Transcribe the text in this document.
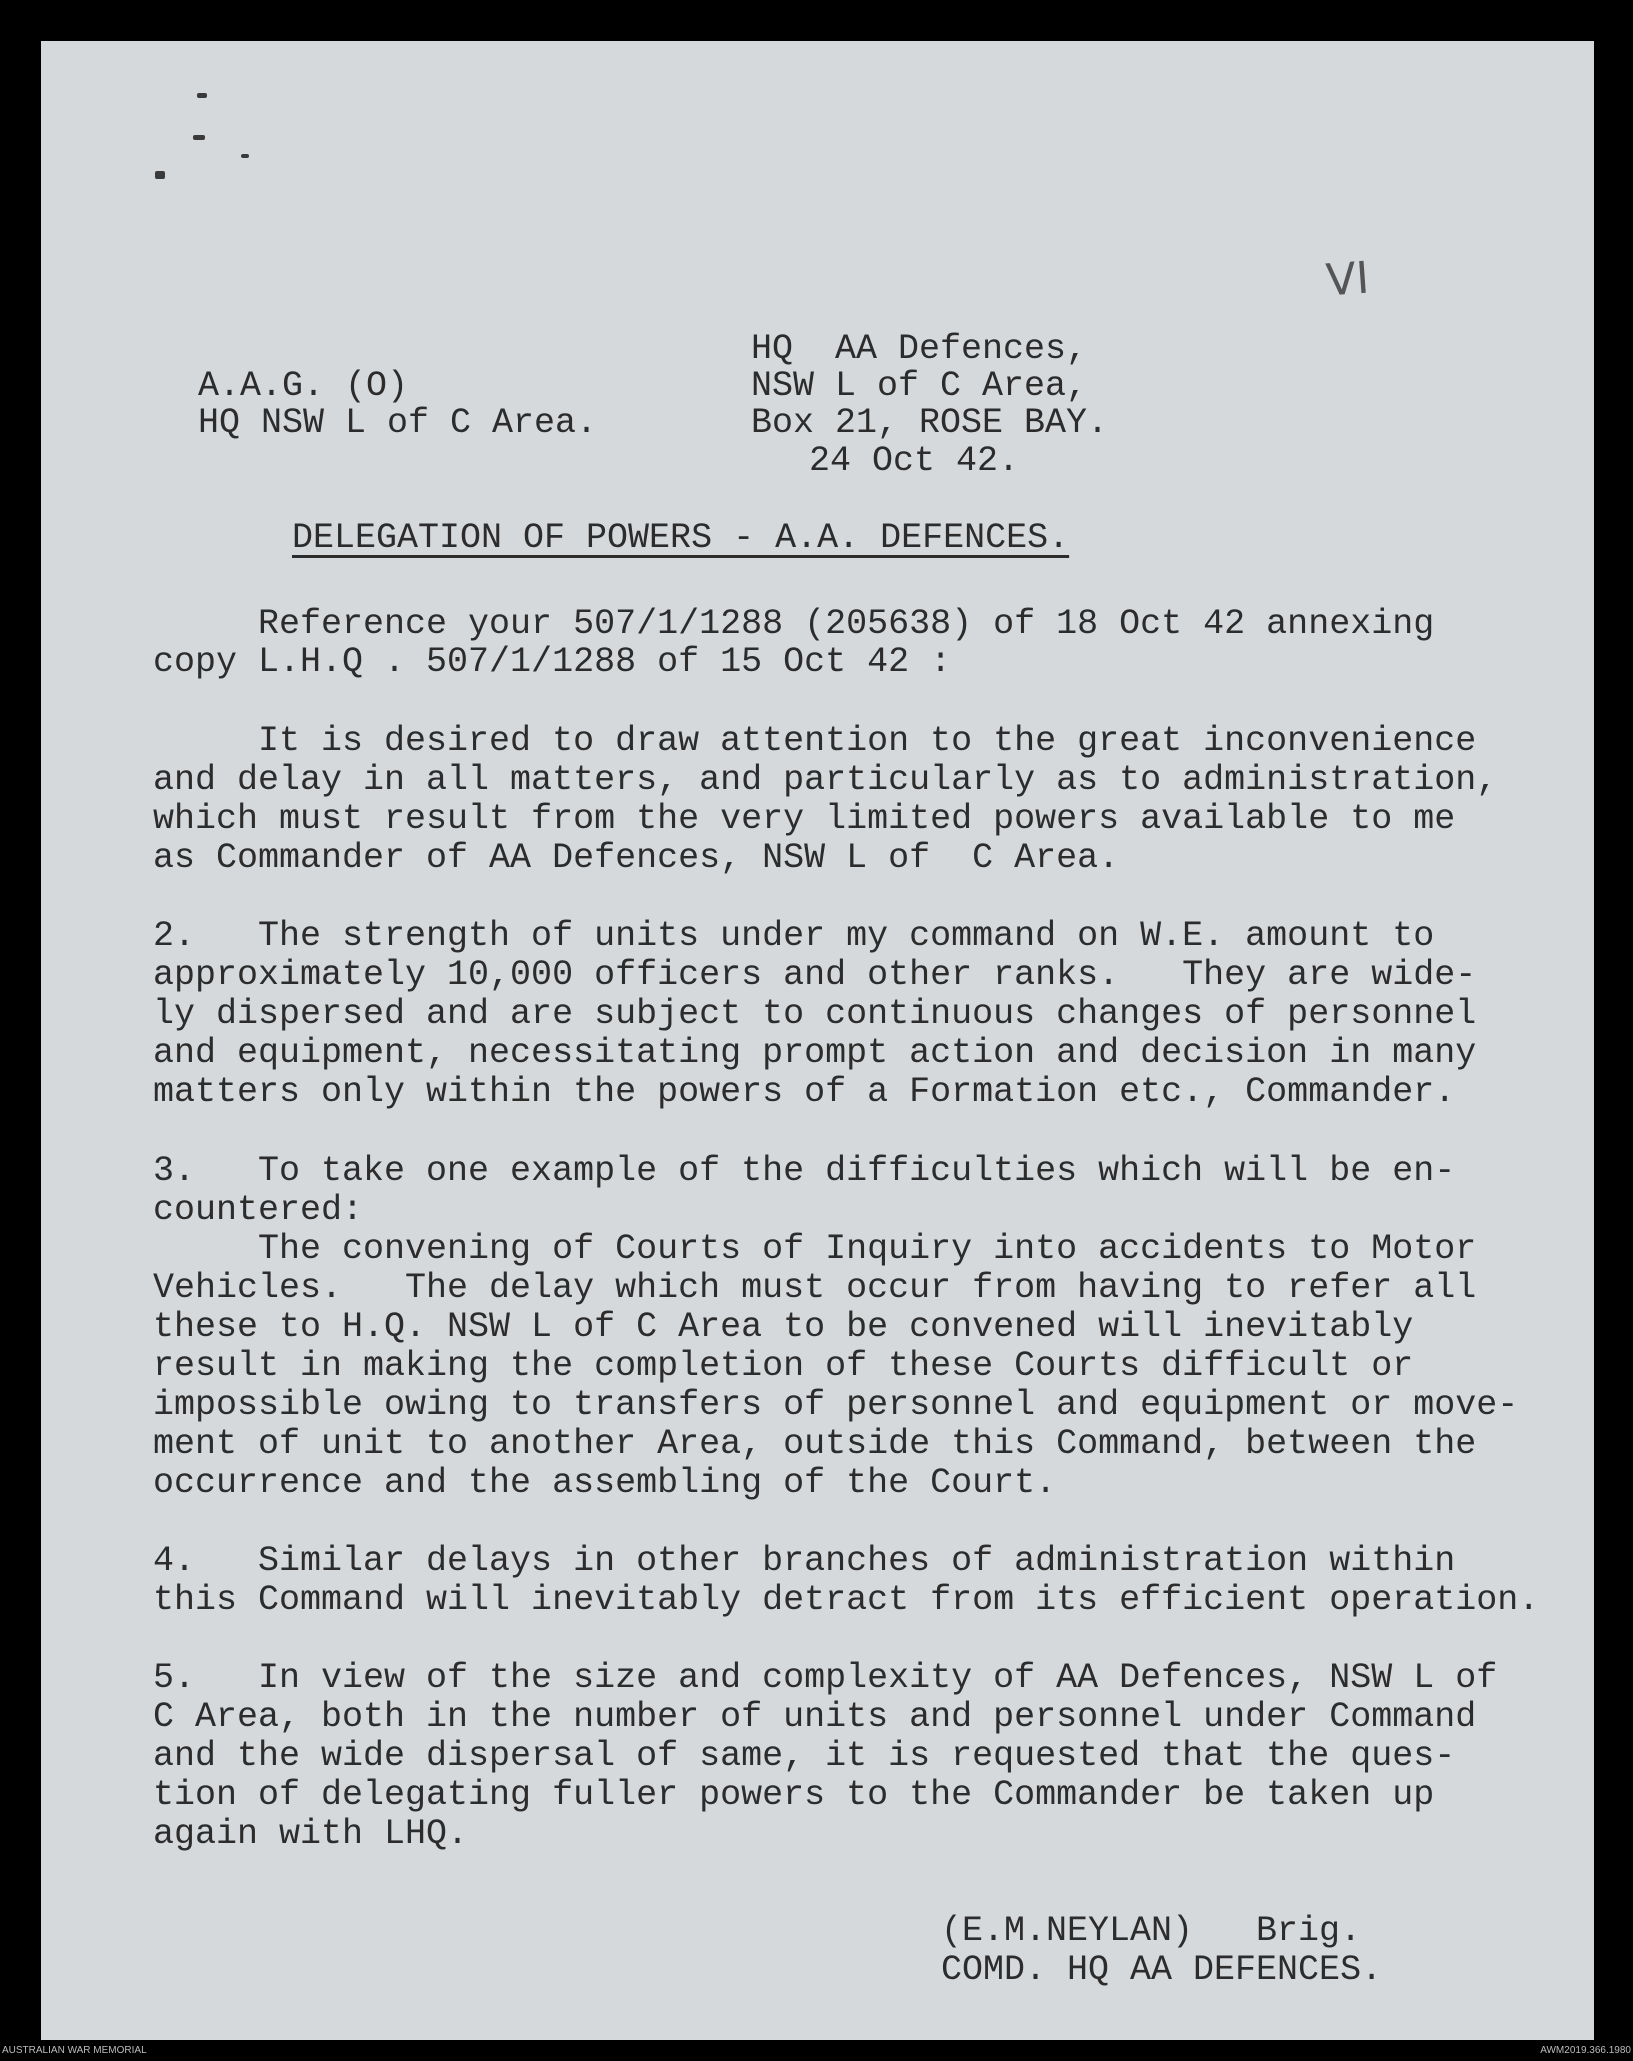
VI
A.A.G. (O)
HQ NSW L of C Area.
HQ  AA Defences,
NSW L of C Area,
Box 21, ROSE BAY.
24 Oct 42.
DELEGATION OF POWERS - A.A. DEFENCES.
Reference your 507/1/1288 (205638) of 18 Oct 42 annexing
copy L.H.Q . 507/1/1288 of 15 Oct 42 :
It is desired to draw attention to the great inconvenience
and delay in all matters, and particularly as to administration,
which must result from the very limited powers available to me
as Commander of AA Defences, NSW L of  C Area.
2.   The strength of units under my command on W.E. amount to
approximately 10,000 officers and other ranks.   They are wide-
ly dispersed and are subject to continuous changes of personnel
and equipment, necessitating prompt action and decision in many
matters only within the powers of a Formation etc., Commander.
3.   To take one example of the difficulties which will be en-
countered:
The convening of Courts of Inquiry into accidents to Motor
Vehicles.   The delay which must occur from having to refer all
these to H.Q. NSW L of C Area to be convened will inevitably
result in making the completion of these Courts difficult or
impossible owing to transfers of personnel and equipment or move-
ment of unit to another Area, outside this Command, between the
occurrence and the assembling of the Court.
4.   Similar delays in other branches of administration within
this Command will inevitably detract from its efficient operation.
5.   In view of the size and complexity of AA Defences, NSW L of
C Area, both in the number of units and personnel under Command
and the wide dispersal of same, it is requested that the ques-
tion of delegating fuller powers to the Commander be taken up
again with LHQ.
(E.M.NEYLAN)   Brig.
COMD. HQ AA DEFENCES.
AUSTRALIAN WAR MEMORIAL	AWM2019.366.1980
